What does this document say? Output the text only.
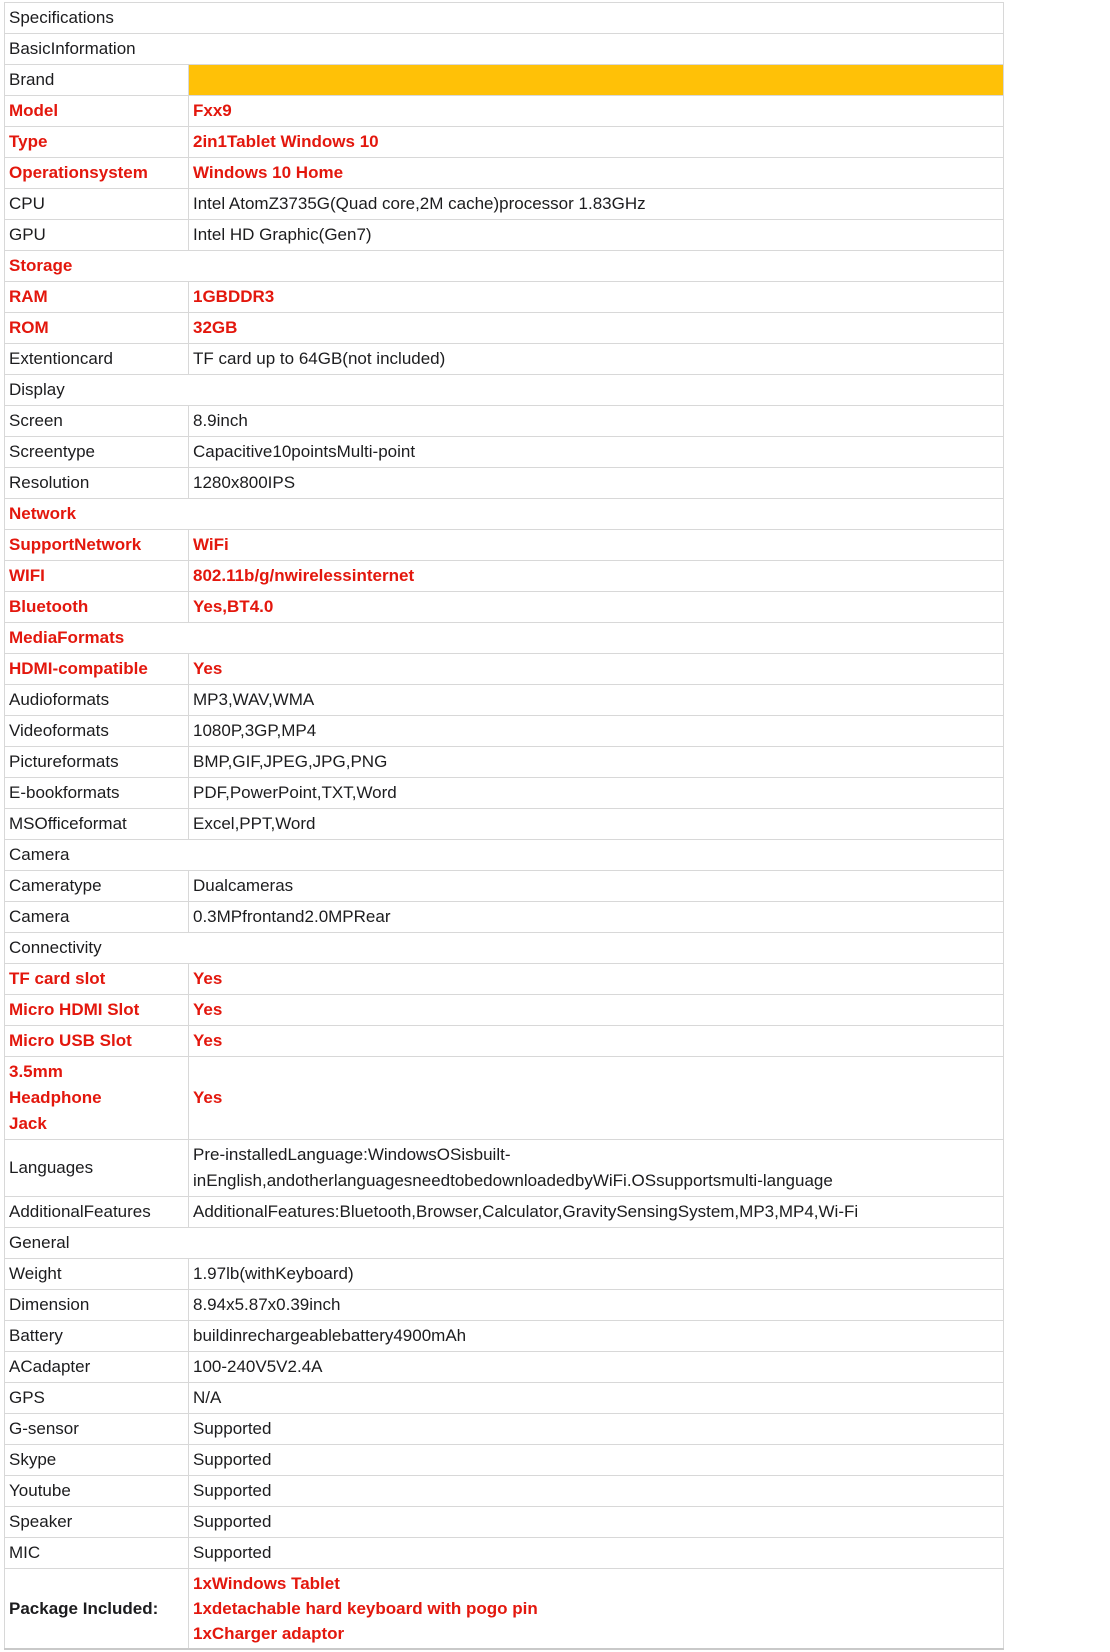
Specifications	
BasicInformation	

Brand	

Model	Fxx9

Type	2in1Tablet Windows 10

Operationsystem	Windows 10 Home

CPU	Intel AtomZ3735G(Quad core,2M cache)processor 1.83GHz

GPU	Intel HD Graphic(Gen7)
Storage	

RAM	1GBDDR3

ROM	32GB

Extentioncard	TF card up to 64GB(not included)
Display	

Screen	8.9inch

Screentype	Capacitive10pointsMulti-point

Resolution	1280x800IPS
Network	

SupportNetwork	WiFi

WIFI	802.11b/g/nwirelessinternet

Bluetooth	Yes,BT4.0
MediaFormats	

HDMI-compatible	Yes

Audioformats	MP3,WAV,WMA

Videoformats	1080P,3GP,MP4

Pictureformats	BMP,GIF,JPEG,JPG,PNG

E-bookformats	PDF,PowerPoint,TXT,Word

MSOfficeformat	Excel,PPT,Word
Camera	

Cameratype	Dualcameras

Camera	0.3MPfrontand2.0MPRear
Connectivity	

TF card slot	Yes

Micro HDMI Slot	Yes

Micro USB Slot	Yes

3.5mm Headphone Jack	Yes

Languages	Pre-installedLanguage:WindowsOSisbuilt-inEnglish,andotherlanguagesneedtobedownloadedbyWiFi.OSsupportsmulti-language

AdditionalFeatures	AdditionalFeatures:Bluetooth,Browser,Calculator,GravitySensingSystem,MP3,MP4,Wi-Fi
General	

Weight	1.97lb(withKeyboard)

Dimension	8.94x5.87x0.39inch

Battery	buildinrechargeablebattery4900mAh

ACadapter	100-240V5V2.4A

GPS	N/A

G-sensor	Supported

Skype	Supported

Youtube	Supported

Speaker	Supported

MIC	Supported

Package Included:	1xWindows Tablet
1xdetachable hard keyboard with pogo pin
1xCharger adaptor
